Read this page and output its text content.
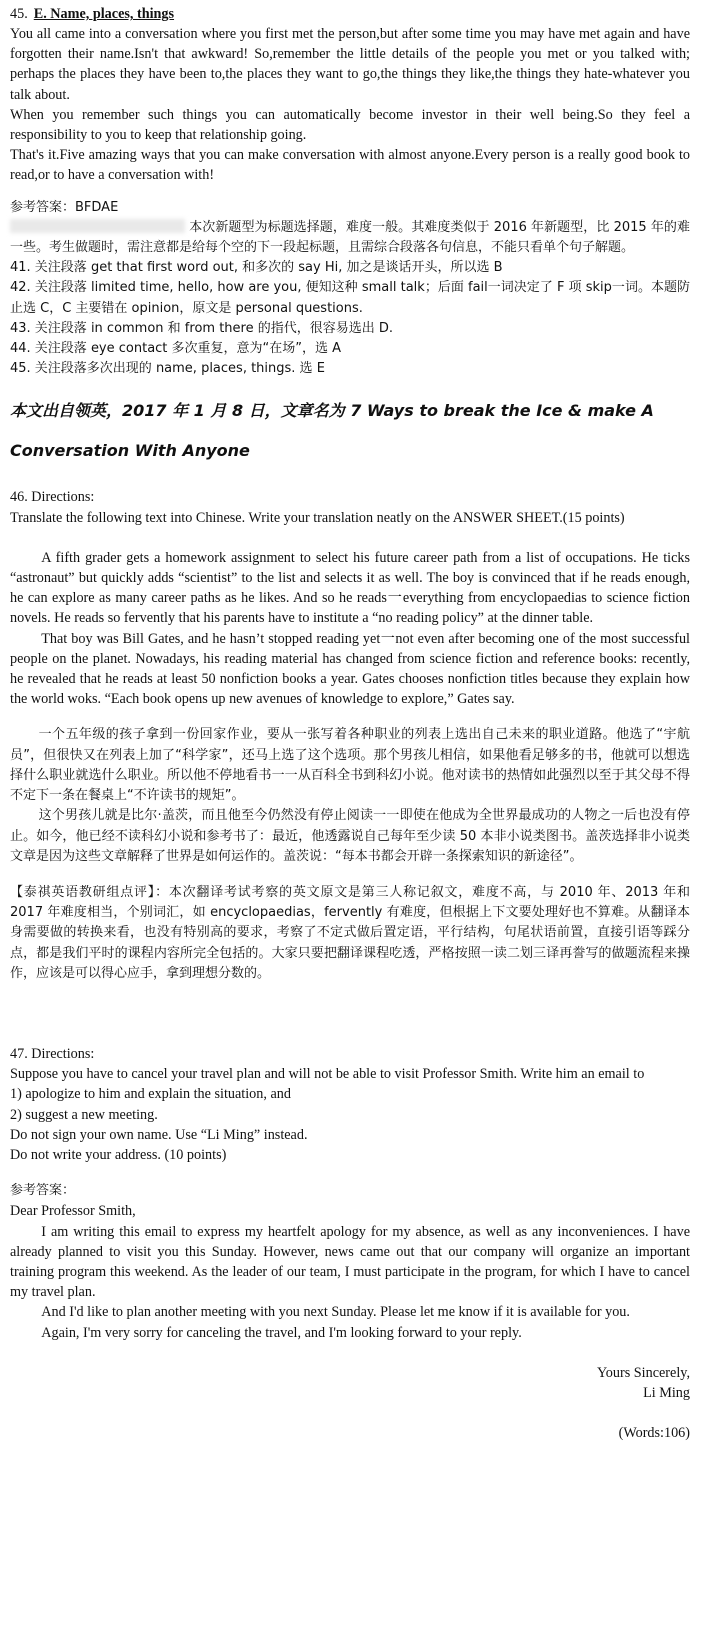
45. E. Name, places, things

You all came into a conversation where you first met the person,but after some time you may have met again and have forgotten their name.Isn't that awkward! So,remember the little details of the people you met or you talked with; perhaps the places they have been to,the places they want to go,the things they like,the things they hate-whatever you talk about.

When you remember such things you can automatically become investor in their well being.So they feel a responsibility to you to keep that relationship going.

That's it.Five amazing ways that you can make conversation with almost anyone.Every person is a really good book to read,or to have a conversation with!

参考答案：BFDAE

本次新题型为标题选择题，难度一般。其难度类似于 2016 年新题型，比 2015 年的难一些。考生做题时，需注意都是给每个空的下一段起标题，且需综合段落各句信息，不能只看单个句子解题。

41. 关注段落 get that first word out, 和多次的 say Hi, 加之是谈话开头，所以选 B

42. 关注段落 limited time, hello, how are you, 便知这种 small talk；后面 fail一词决定了 F 项 skip一词。本题防止选 C，C 主要错在 opinion，原文是 personal questions.

43. 关注段落 in common 和 from there 的指代，很容易选出 D.

44. 关注段落 eye contact 多次重复，意为“在场”，选 A

45. 关注段落多次出现的 name, places, things. 选 E

本文出自领英，2017 年 1 月 8 日，文章名为 7 Ways to break the Ice & make A Conversation With Anyone

46. Directions:

Translate the following text into Chinese. Write your translation neatly on the ANSWER SHEET.(15 points)

A fifth grader gets a homework assignment to select his future career path from a list of occupations. He ticks “astronaut” but quickly adds “scientist” to the list and selects it as well. The boy is convinced that if he reads enough, he can explore as many career paths as he likes. And so he reads一everything from encyclopaedias to science fiction novels. He reads so fervently that his parents have to institute a “no reading policy” at the dinner table.

That boy was Bill Gates, and he hasn’t stopped reading yet一not even after becoming one of the most successful people on the planet. Nowadays, his reading material has changed from science fiction and reference books: recently, he revealed that he reads at least 50 nonfiction books a year. Gates chooses nonfiction titles because they explain how the world woks. “Each book opens up new avenues of knowledge to explore,” Gates say.

一个五年级的孩子拿到一份回家作业，要从一张写着各种职业的列表上选出自己未来的职业道路。他选了“宇航员”，但很快又在列表上加了“科学家”，还马上选了这个选项。那个男孩儿相信，如果他看足够多的书，他就可以想选择什么职业就选什么职业。所以他不停地看书一一从百科全书到科幻小说。他对读书的热情如此强烈以至于其父母不得不定下一条在餐桌上“不许读书的规矩”。

这个男孩儿就是比尔·盖茨，而且他至今仍然没有停止阅读一一即使在他成为全世界最成功的人物之一后也没有停止。如今，他已经不读科幻小说和参考书了：最近，他透露说自己每年至少读 50 本非小说类图书。盖茨选择非小说类文章是因为这些文章解释了世界是如何运作的。盖茨说：“每本书都会开辟一条探索知识的新途径”。

【泰祺英语教研组点评】：本次翻译考试考察的英文原文是第三人称记叙文，难度不高，与 2010 年、2013 年和 2017 年难度相当，个别词汇，如 encyclopaedias，fervently 有难度，但根据上下文要处理好也不算难。从翻译本身需要做的转换来看，也没有特别高的要求，考察了不定式做后置定语，平行结构，句尾状语前置，直接引语等踩分点，都是我们平时的课程内容所完全包括的。大家只要把翻译课程吃透，严格按照一读二划三译再誊写的做题流程来操作，应该是可以得心应手，拿到理想分数的。

47. Directions:

Suppose you have to cancel your travel plan and will not be able to visit Professor Smith. Write him an email to

1) apologize to him and explain the situation, and

2) suggest a new meeting.

Do not sign your own name. Use “Li Ming” instead.

Do not write your address. (10 points)

参考答案：

Dear Professor Smith,

I am writing this email to express my heartfelt apology for my absence, as well as any inconveniences. I have already planned to visit you this Sunday. However, news came out that our company will organize an important training program this weekend. As the leader of our team, I must participate in the program, for which I have to cancel my travel plan.

And I'd like to plan another meeting with you next Sunday. Please let me know if it is available for you.

Again, I'm very sorry for canceling the travel, and I'm looking forward to your reply.

Yours Sincerely,

Li Ming

(Words:106)
